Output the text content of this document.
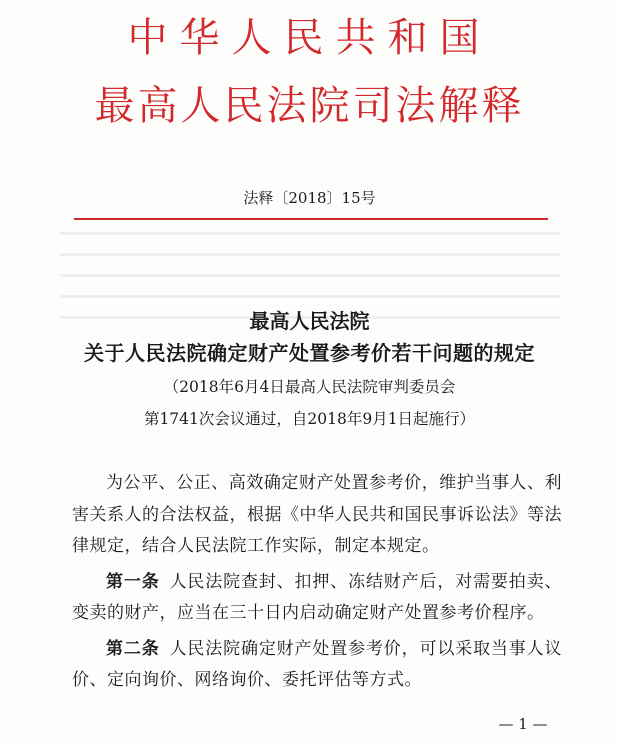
中华人民共和国
最高人民法院司法解释
法释〔2018〕15号
最高人民法院
关于人民法院确定财产处置参考价若干问题的规定
（2018年6月4日最高人民法院审判委员会
第1741次会议通过，自2018年9月1日起施行）

为公平、公正、高效确定财产处置参考价，维护当事人、利害关系人的合法权益，根据《中华人民共和国民事诉讼法》等法律规定，结合人民法院工作实际，制定本规定。

第一条 人民法院查封、扣押、冻结财产后，对需要拍卖、变卖的财产，应当在三十日内启动确定财产处置参考价程序。

第二条 人民法院确定财产处置参考价，可以采取当事人议价、定向询价、网络询价、委托评估等方式。

— 1 —
